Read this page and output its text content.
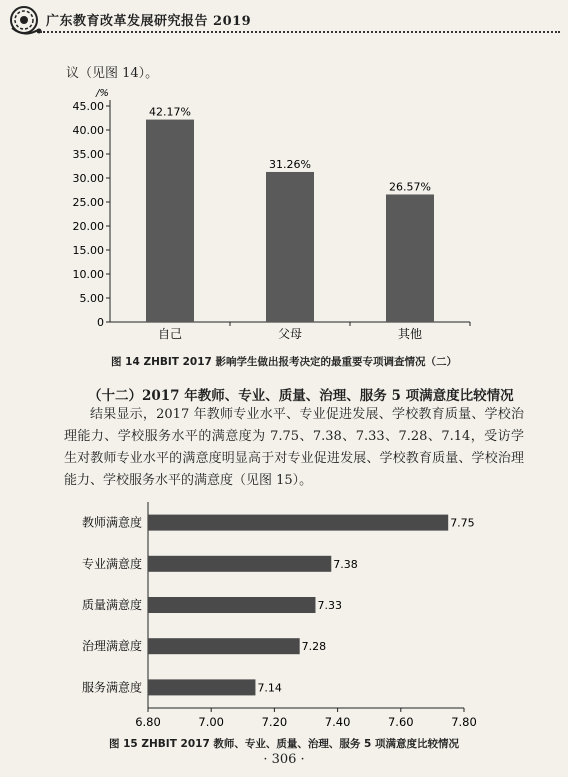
广东教育改革发展研究报告 2019
议（见图 14）。
/%
0
5.00
10.00
15.00
20.00
25.00
30.00
35.00
40.00
45.00	42.17%
自己
31.26%
父母
26.57%
其他
6.80	7.00	7.20	7.40	7.60	7.80
7.75
教师满意度
7.38
专业满意度
7.33
质量满意度
7.28
治理满意度
7.14
服务满意度
图 14 ZHBIT 2017 影响学生做出报考决定的最重要专项调查情况（二）
（十二）2017 年教师、专业、质量、治理、服务 5 项满意度比较情况
结果显示，2017 年教师专业水平、专业促进发展、学校教育质量、学校治理能力、学校服务水平的满意度为 7.75、7.38、7.33、7.28、7.14，受访学生对教师专业水平的满意度明显高于对专业促进发展、学校教育质量、学校治理能力、学校服务水平的满意度（见图 15）。
图 15 ZHBIT 2017 教师、专业、质量、治理、服务 5 项满意度比较情况
· 306 ·
